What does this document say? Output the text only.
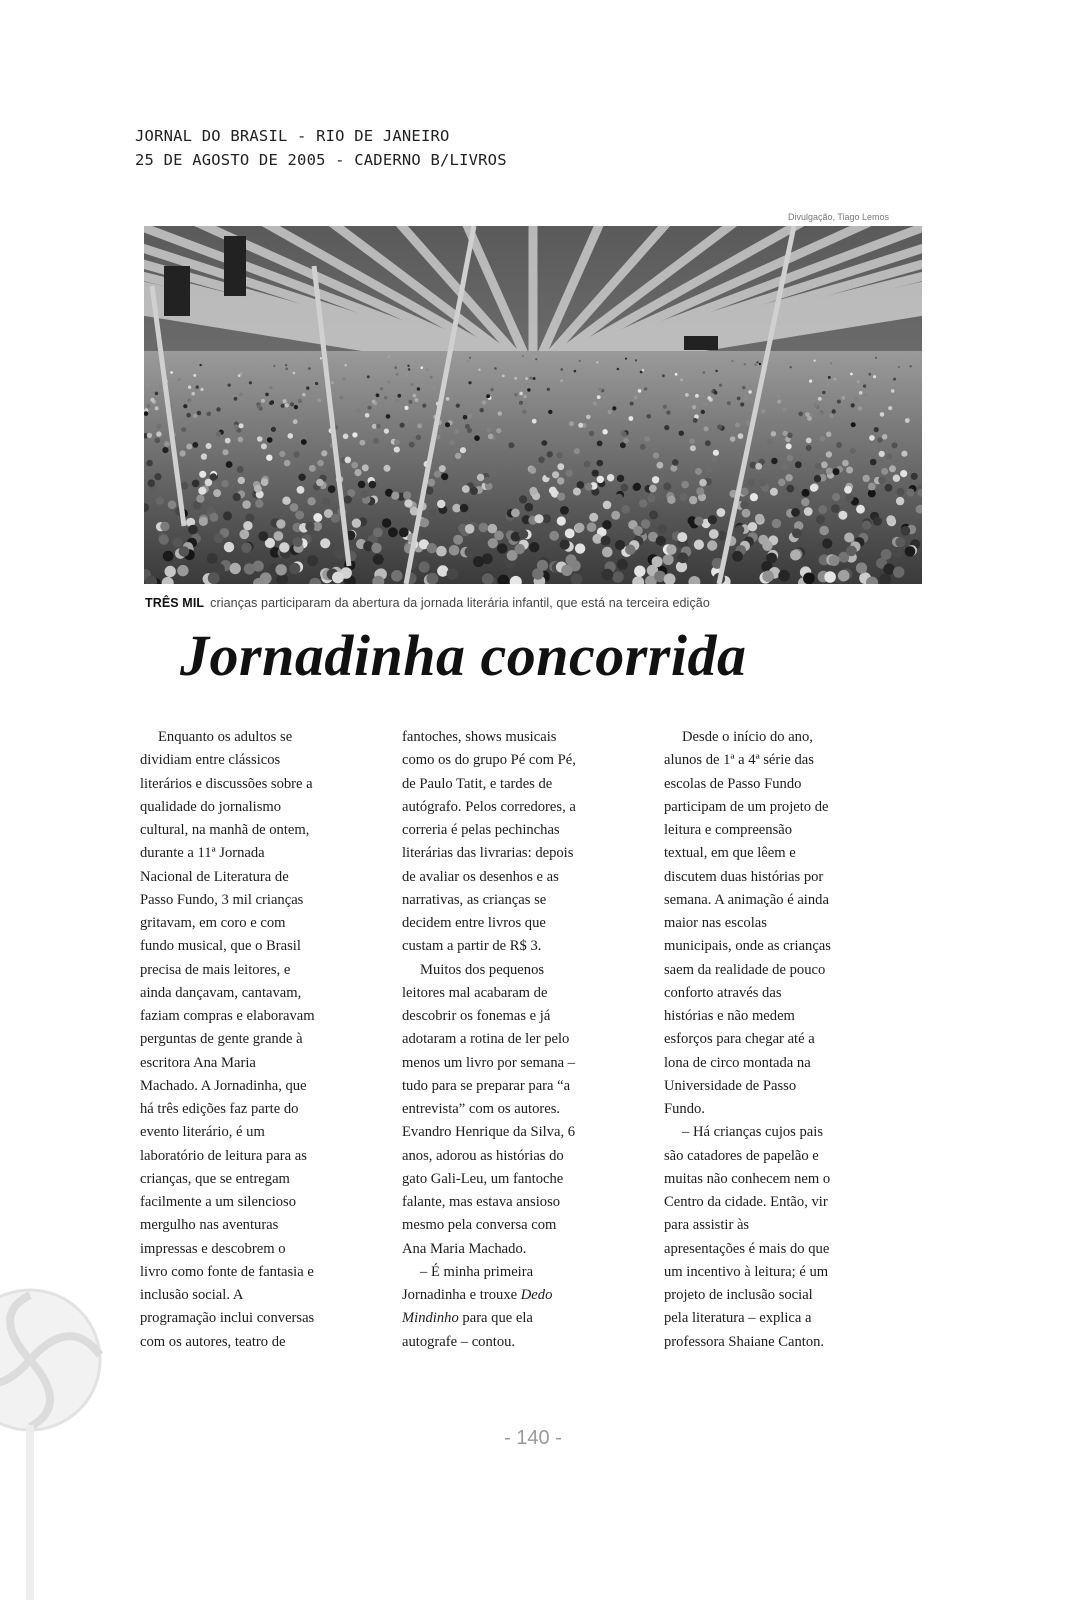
JORNAL DO BRASIL - RIO DE JANEIRO
25 DE AGOSTO DE 2005 - CADERNO B/LIVROS
Divulgação, Tiago Lemos
TRÊS MIL crianças participaram da abertura da jornada literária infantil, que está na terceira edição
Jornadinha concorrida
Enquanto os adultos se
dividiam entre clássicos
literários e discussões sobre a
qualidade do jornalismo
cultural, na manhã de ontem,
durante a 11ª Jornada
Nacional de Literatura de
Passo Fundo, 3 mil crianças
gritavam, em coro e com
fundo musical, que o Brasil
precisa de mais leitores, e
ainda dançavam, cantavam,
faziam compras e elaboravam
perguntas de gente grande à
escritora Ana Maria
Machado. A Jornadinha, que
há três edições faz parte do
evento literário, é um
laboratório de leitura para as
crianças, que se entregam
facilmente a um silencioso
mergulho nas aventuras
impressas e descobrem o
livro como fonte de fantasia e
inclusão social. A
programação inclui conversas
com os autores, teatro de
fantoches, shows musicais
como os do grupo Pé com Pé,
de Paulo Tatit, e tardes de
autógrafo. Pelos corredores, a
correria é pelas pechinchas
literárias das livrarias: depois
de avaliar os desenhos e as
narrativas, as crianças se
decidem entre livros que
custam a partir de R$ 3.
Muitos dos pequenos
leitores mal acabaram de
descobrir os fonemas e já
adotaram a rotina de ler pelo
menos um livro por semana –
tudo para se preparar para “a
entrevista” com os autores.
Evandro Henrique da Silva, 6
anos, adorou as histórias do
gato Gali-Leu, um fantoche
falante, mas estava ansioso
mesmo pela conversa com
Ana Maria Machado.
– É minha primeira
Jornadinha e trouxe Dedo
Mindinho para que ela
autografe – contou.
Desde o início do ano,
alunos de 1ª a 4ª série das
escolas de Passo Fundo
participam de um projeto de
leitura e compreensão
textual, em que lêem e
discutem duas histórias por
semana. A animação é ainda
maior nas escolas
municipais, onde as crianças
saem da realidade de pouco
conforto através das
histórias e não medem
esforços para chegar até a
lona de circo montada na
Universidade de Passo
Fundo.
– Há crianças cujos pais
são catadores de papelão e
muitas não conhecem nem o
Centro da cidade. Então, vir
para assistir às
apresentações é mais do que
um incentivo à leitura; é um
projeto de inclusão social
pela literatura – explica a
professora Shaiane Canton.
- 140 -
